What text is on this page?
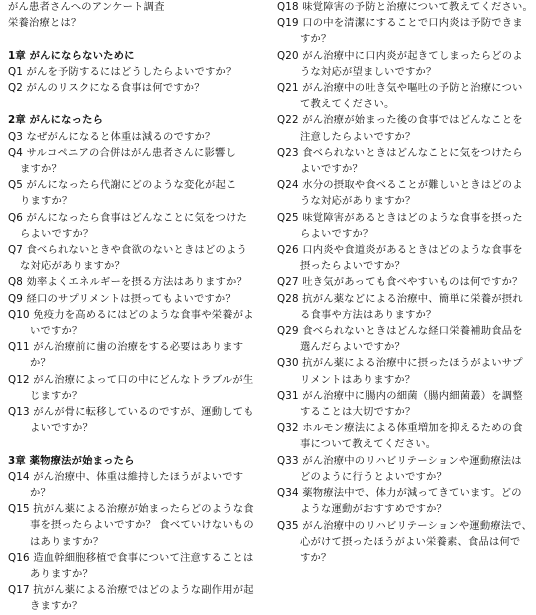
がん患者さんへのアンケート調査
栄養治療とは？
1章 がんにならないために
Q1
がんを予防するにはどうしたらよいですか？
Q2
がんのリスクになる食事は何ですか？
2章 がんになったら
Q3
なぜがんになると体重は減るのですか？
Q4
サルコペニアの合併はがん患者さんに影響し
ますか？
Q5
がんになったら代謝にどのような変化が起こ
りますか？
Q6
がんになったら食事はどんなことに気をつけた
らよいですか？
Q7
食べられないときや食欲のないときはどのよう
な対応がありますか？
Q8
効率よくエネルギーを摂る方法はありますか？
Q9
経口のサプリメントは摂ってもよいですか？
Q10
免疫力を高めるにはどのような食事や栄養がよ
いですか？
Q11
がん治療前に歯の治療をする必要はあります
か？
Q12
がん治療によって口の中にどんなトラブルが生
じますか？
Q13
がんが骨に転移しているのですが、運動しても
よいですか？
3章 薬物療法が始まったら
Q14
がん治療中、体重は維持したほうがよいです
か？
Q15
抗がん薬による治療が始まったらどのような食
事を摂ったらよいですか？ 食べていけないもの
はありますか？
Q16
造血幹細胞移植で食事について注意することは
ありますか？
Q17
抗がん薬による治療ではどのような副作用が起
きますか？
Q18
味覚障害の予防と治療について教えてください。
Q19
口の中を清潔にすることで口内炎は予防できま
すか？
Q20
がん治療中に口内炎が起きてしまったらどのよ
うな対応が望ましいですか？
Q21
がん治療中の吐き気や嘔吐の予防と治療につい
て教えてください。
Q22
がん治療が始まった後の食事ではどんなことを
注意したらよいですか？
Q23
食べられないときはどんなことに気をつけたら
よいですか？
Q24
水分の摂取や食べることが難しいときはどのよ
うな対応がありますか？
Q25
味覚障害があるときはどのような食事を摂った
らよいですか？
Q26
口内炎や食道炎があるときはどのような食事を
摂ったらよいですか？
Q27
吐き気があっても食べやすいものは何ですか？
Q28
抗がん薬などによる治療中、簡単に栄養が摂れ
る食事や方法はありますか？
Q29
食べられないときはどんな経口栄養補助食品を
選んだらよいですか？
Q30
抗がん薬による治療中に摂ったほうがよいサプ
リメントはありますか？
Q31
がん治療中に腸内の細菌（腸内細菌叢）を調整
することは大切ですか？
Q32
ホルモン療法による体重増加を抑えるための食
事について教えてください。
Q33
がん治療中のリハビリテーションや運動療法は
どのように行うとよいですか？
Q34
薬物療法中で、体力が減ってきています。どの
ような運動がおすすめですか？
Q35
がん治療中のリハビリテーションや運動療法で、
心がけて摂ったほうがよい栄養素、食品は何で
すか？
